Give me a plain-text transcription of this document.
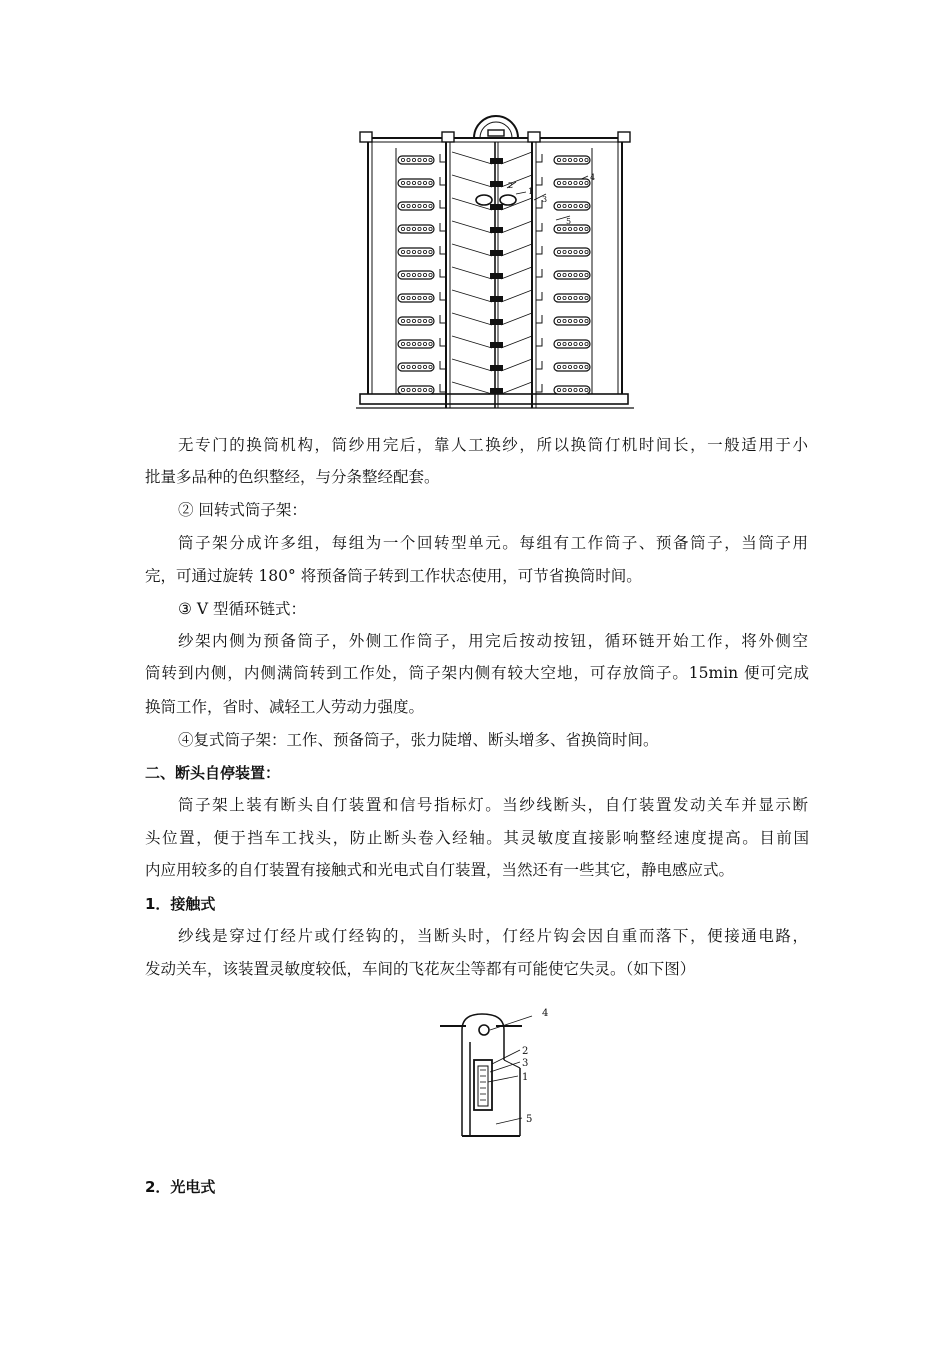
2
1
3
4
5
无专门的换筒机构，筒纱用完后，靠人工换纱，所以换筒仃机时间长，一般适用于小
批量多品种的色织整经，与分条整经配套。
② 回转式筒子架：
筒子架分成许多组，每组为一个回转型单元。每组有工作筒子、预备筒子，当筒子用
完，可通过旋转 180° 将预备筒子转到工作状态使用，可节省换筒时间。
③ V 型循环链式：
纱架内侧为预备筒子，外侧工作筒子，用完后按动按钮，循环链开始工作，将外侧空
筒转到内侧，内侧满筒转到工作处，筒子架内侧有较大空地，可存放筒子。15min 便可完成
换筒工作，省时、减轻工人劳动力强度。
④复式筒子架：工作、预备筒子，张力陡增、断头增多、省换筒时间。
二、断头自停装置：
筒子架上装有断头自仃装置和信号指标灯。当纱线断头，自仃装置发动关车并显示断
头位置，便于挡车工找头，防止断头卷入经轴。其灵敏度直接影响整经速度提高。目前国
内应用较多的自仃装置有接触式和光电式自仃装置，当然还有一些其它，静电感应式。
1．接触式
纱线是穿过仃经片或仃经钩的，当断头时，仃经片钩会因自重而落下，便接通电路，
发动关车，该装置灵敏度较低，车间的飞花灰尘等都有可能使它失灵。（如下图）
4
2
3
1
5
2．光电式
